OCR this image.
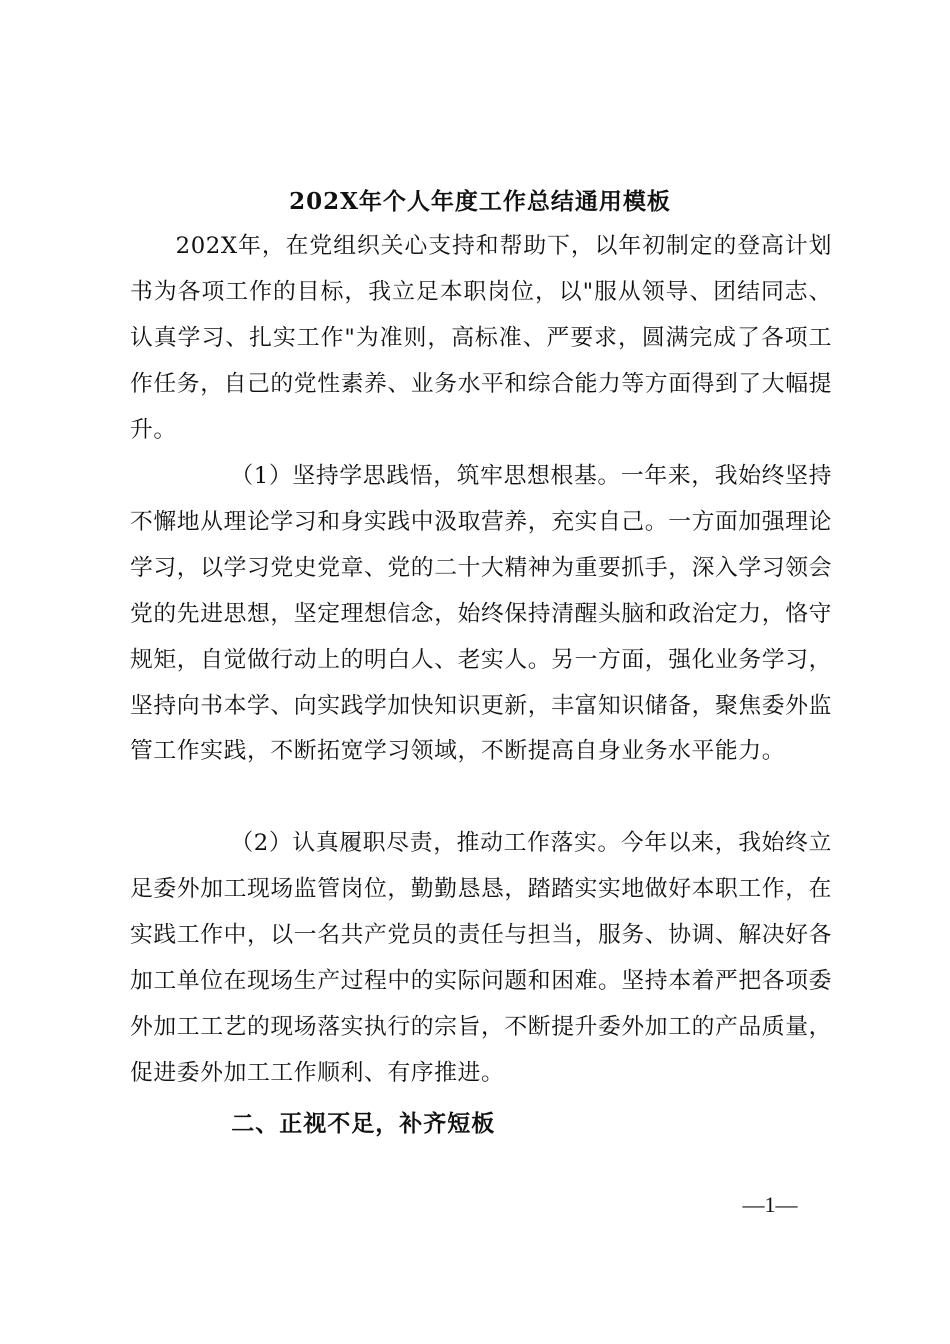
202X年个人年度工作总结通用模板

202X年，在党组织关心支持和帮助下，以年初制定的登高计划书为各项工作的目标，我立足本职岗位，以"服从领导、团结同志、认真学习、扎实工作"为准则，高标准、严要求，圆满完成了各项工作任务，自己的党性素养、业务水平和综合能力等方面得到了大幅提升。

（1）坚持学思践悟，筑牢思想根基。一年来，我始终坚持不懈地从理论学习和身实践中汲取营养，充实自己。一方面加强理论学习，以学习党史党章、党的二十大精神为重要抓手，深入学习领会党的先进思想，坚定理想信念，始终保持清醒头脑和政治定力，恪守规矩，自觉做行动上的明白人、老实人。另一方面，强化业务学习，坚持向书本学、向实践学加快知识更新，丰富知识储备，聚焦委外监管工作实践，不断拓宽学习领域，不断提高自身业务水平能力。

（2）认真履职尽责，推动工作落实。今年以来，我始终立足委外加工现场监管岗位，勤勤恳恳，踏踏实实地做好本职工作，在实践工作中，以一名共产党员的责任与担当，服务、协调、解决好各加工单位在现场生产过程中的实际问题和困难。坚持本着严把各项委外加工工艺的现场落实执行的宗旨，不断提升委外加工的产品质量，促进委外加工工作顺利、有序推进。

二、正视不足，补齐短板
—1—
